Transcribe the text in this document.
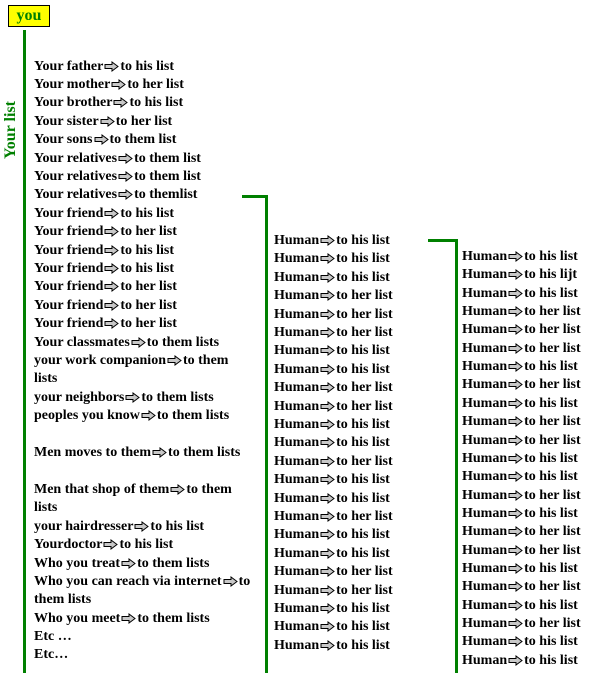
you
Your list
Your father to his list
Your mother to her list
Your brother to his list
Your sister to her list
Your sons to them list
Your relatives to them list
Your relatives to them list
Your relatives to themlist
Your friend to his list
Your friend to her list
Your friend to his list
Your friend to his list
Your friend to her list
Your friend to her list
Your friend to her list
Your classmates to them lists
your work companion to them lists
your neighbors to them lists
peoples you know to them lists
Men moves to them to them lists
Men that shop of them to them lists
your hairdresser to his list
Yourdoctor to his list
Who you treat to them lists
Who you can reach via internet to them lists
Who you meet to them lists
Etc …
Etc…
Human to his list
Human to his list
Human to his list
Human to her list
Human to her list
Human to her list
Human to his list
Human to his list
Human to her list
Human to her list
Human to his list
Human to his list
Human to her list
Human to his list
Human to his list
Human to her list
Human to his list
Human to his list
Human to her list
Human to her list
Human to his list
Human to his list
Human to his list
Human to his list
Human to his lijt
Human to his list
Human to her list
Human to her list
Human to her list
Human to his list
Human to her list
Human to his list
Human to her list
Human to her list
Human to his list
Human to his list
Human to her list
Human to his list
Human to her list
Human to her list
Human to his list
Human to her list
Human to his list
Human to her list
Human to his list
Human to his list
